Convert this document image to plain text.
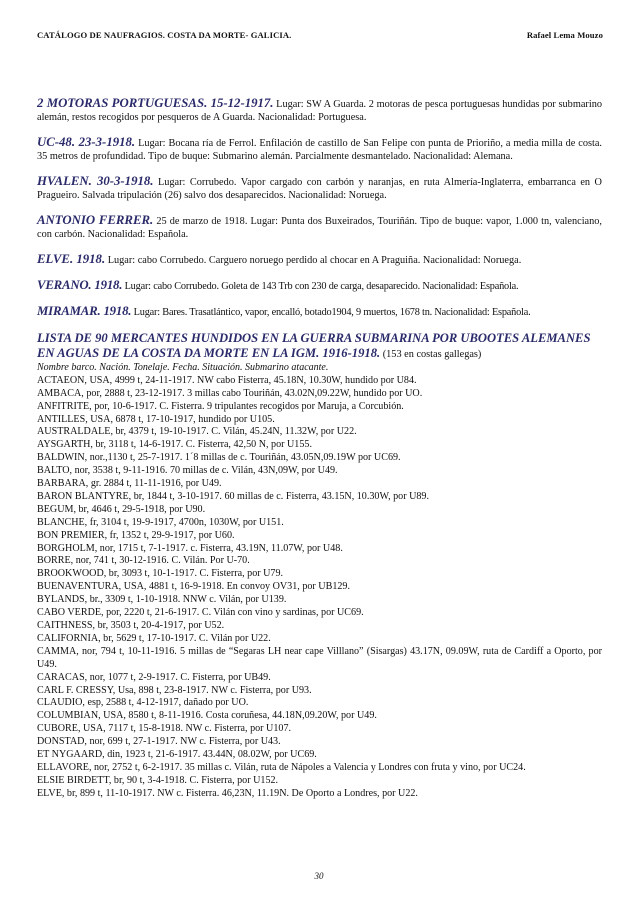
CATÁLOGO DE NAUFRAGIOS. COSTA DA MORTE- GALICIA.	Rafael Lema Mouzo
2 MOTORAS PORTUGUESAS. 15-12-1917. Lugar: SW A Guarda. 2 motoras de pesca portuguesas hundidas por submarino alemán, restos recogidos por pesqueros de A Guarda. Nacionalidad: Portuguesa.
UC-48. 23-3-1918. Lugar: Bocana ría de Ferrol. Enfilación de castillo de San Felipe con punta de Prioriño, a media milla de costa. 35 metros de profundidad. Tipo de buque: Submarino alemán. Parcialmente desmantelado. Nacionalidad: Alemana.
HVALEN. 30-3-1918. Lugar: Corrubedo. Vapor cargado con carbón y naranjas, en ruta Almería-Inglaterra, embarranca en O Pragueiro. Salvada tripulación (26) salvo dos desaparecidos. Nacionalidad: Noruega.
ANTONIO FERRER. 25 de marzo de 1918. Lugar: Punta dos Buxeirados, Touriñán. Tipo de buque: vapor, 1.000 tn, valenciano, con carbón. Nacionalidad: Española.
ELVE. 1918. Lugar: cabo Corrubedo. Carguero noruego perdido al chocar en A Praguiña. Nacionalidad: Noruega.
VERANO. 1918. Lugar: cabo Corrubedo. Goleta de 143 Trb con 230 de carga, desaparecido. Nacionalidad: Española.
MIRAMAR. 1918. Lugar: Bares. Trasatlántico, vapor, encalló, botado1904, 9 muertos, 1678 tn. Nacionalidad: Española.
LISTA DE 90 MERCANTES HUNDIDOS EN LA GUERRA SUBMARINA POR UBOOTES ALEMANES EN AGUAS DE LA COSTA DA MORTE EN LA IGM. 1916-1918. (153 en costas gallegas)
Nombre barco. Nación. Tonelaje. Fecha. Situación. Submarino atacante.
ACTAEON, USA, 4999 t, 24-11-1917. NW cabo Fisterra, 45.18N, 10.30W, hundido por U84.
AMBACA, por, 2888 t, 23-12-1917. 3 millas cabo Touriñán, 43.02N,09.22W, hundido por UO.
ANFITRITE, por, 10-6-1917. C. Fisterra. 9 tripulantes recogidos por Maruja, a Corcubión.
ANTILLES, USA, 6878 t, 17-10-1917, hundido por U105.
AUSTRALDALE, br, 4379 t, 19-10-1917. C. Vilán, 45.24N, 11.32W, por U22.
AYSGARTH, br, 3118 t, 14-6-1917. C. Fisterra, 42,50 N, por U155.
BALDWIN, nor.,1130 t, 25-7-1917. 1´8 millas de c. Touriñán, 43.05N,09.19W por UC69.
BALTO, nor, 3538 t, 9-11-1916. 70 millas de c. Vilán, 43N,09W, por U49.
BARBARA, gr. 2884 t, 11-11-1916, por U49.
BARON BLANTYRE, br, 1844 t, 3-10-1917. 60 millas de c. Fisterra, 43.15N, 10.30W, por U89.
BEGUM, br, 4646 t, 29-5-1918, por U90.
BLANCHE, fr, 3104 t, 19-9-1917, 4700n, 1030W, por U151.
BON PREMIER, fr, 1352 t, 29-9-1917, por U60.
BORGHOLM, nor, 1715 t, 7-1-1917. c. Fisterra, 43.19N, 11.07W, por U48.
BORRE, nor, 741 t, 30-12-1916. C. Vilán. Por U-70.
BROOKWOOD, br, 3093 t, 10-1-1917. C. Fisterra, por U79.
BUENAVENTURA, USA, 4881 t, 16-9-1918. En convoy OV31, por UB129.
BYLANDS, br., 3309 t, 1-10-1918. NNW c. Vilán, por U139.
CABO VERDE, por, 2220 t, 21-6-1917. C. Vilán con vino y sardinas, por UC69.
CAITHNESS, br, 3503 t, 20-4-1917, por U52.
CALIFORNIA, br, 5629 t, 17-10-1917. C. Vilán por U22.
CAMMA, nor, 794 t, 10-11-1916. 5 millas de “Segaras LH near cape Villlano” (Sisargas) 43.17N, 09.09W, ruta de Cardiff a Oporto, por U49.
CARACAS, nor, 1077 t, 2-9-1917. C. Fisterra, por UB49.
CARL F. CRESSY, Usa, 898 t, 23-8-1917. NW c. Fisterra, por U93.
CLAUDIO, esp, 2588 t, 4-12-1917, dañado por UO.
COLUMBIAN, USA, 8580 t, 8-11-1916. Costa coruñesa, 44.18N,09.20W, por U49.
CUBORE, USA, 7117 t, 15-8-1918. NW c. Fisterra, por U107.
DONSTAD, nor, 699 t, 27-1-1917. NW c. Fisterra, por U43.
ET NYGAARD, din, 1923 t, 21-6-1917. 43.44N, 08.02W, por UC69.
ELLAVORE, nor, 2752 t, 6-2-1917. 35 millas c. Vilán, ruta de Nápoles a Valencia y Londres con fruta y vino, por UC24.
ELSIE BIRDETT, br, 90 t, 3-4-1918. C. Fisterra, por U152.
ELVE, br, 899 t, 11-10-1917. NW c. Fisterra. 46,23N, 11.19N. De Oporto a Londres, por U22.
30
